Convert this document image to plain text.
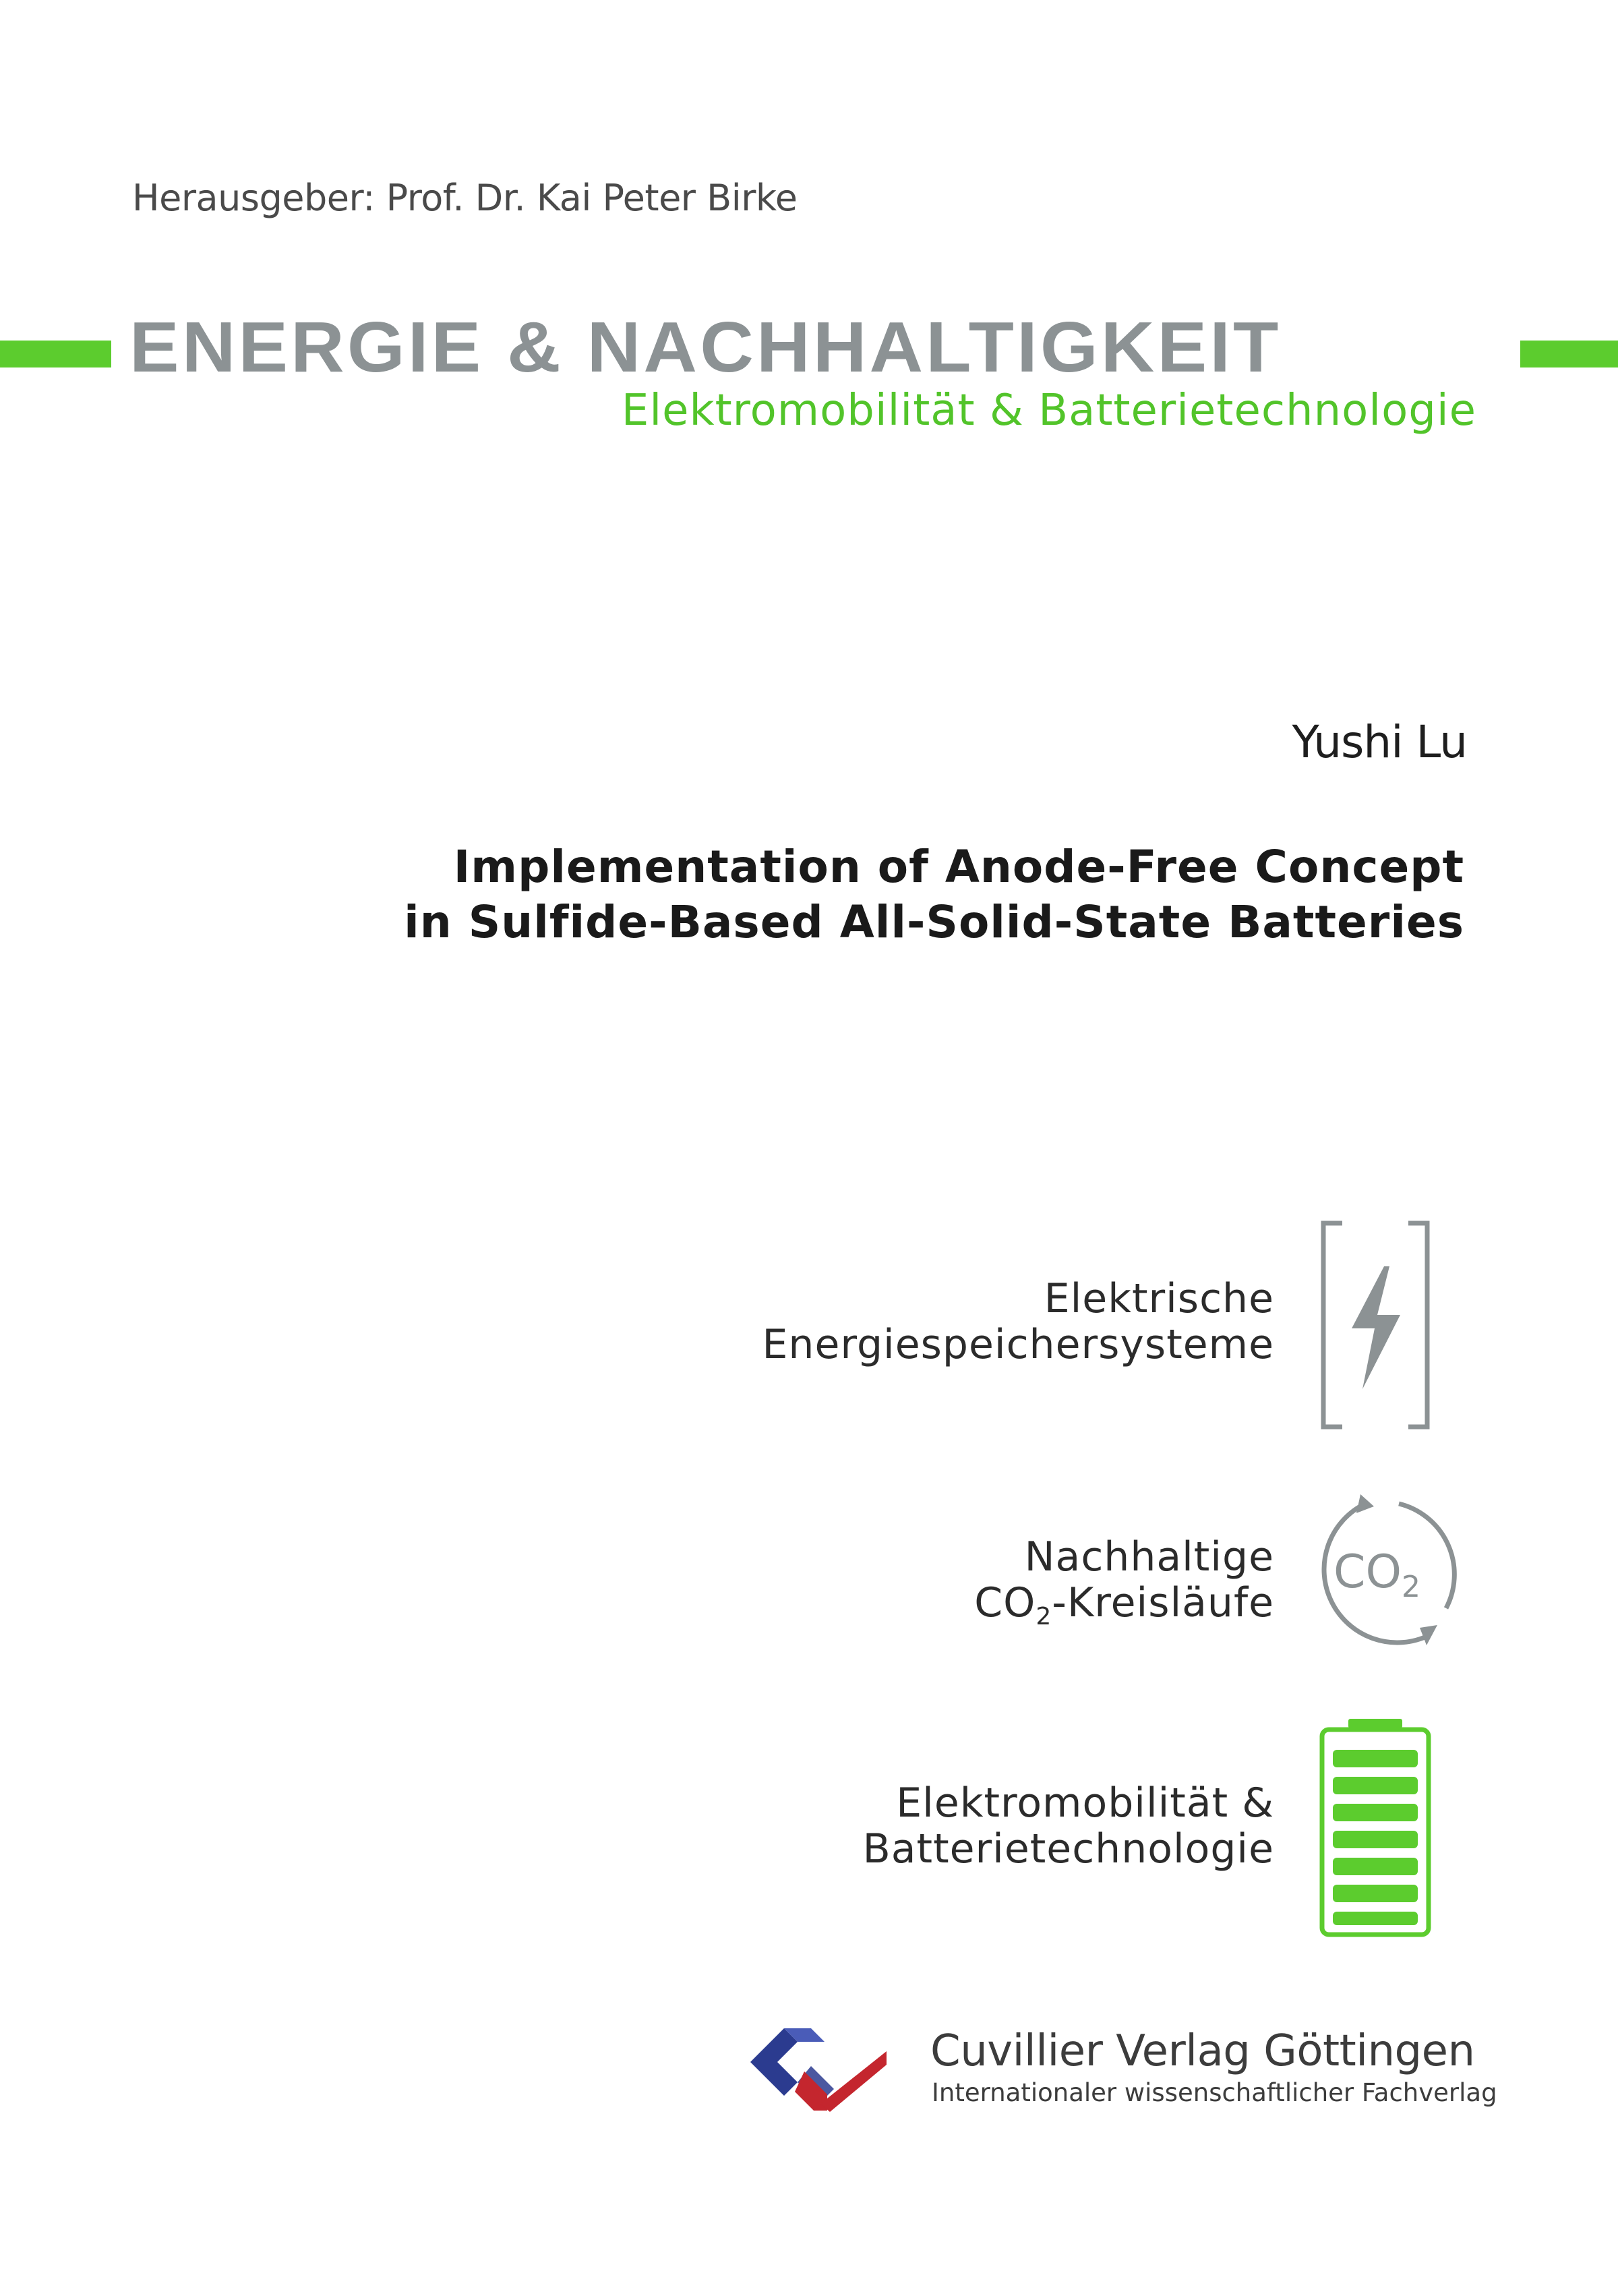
Herausgeber: Prof. Dr. Kai Peter Birke
ENERGIE & NACHHALTIGKEIT
Elektromobilität & Batterietechnologie
Yushi Lu
Implementation of Anode-Free Concept
in Sulfide-Based All-Solid-State Batteries
Elektrische
Energiespeichersysteme
Nachhaltige
$CO_2$-Kreisläufe
$CO_2$
Elektromobilität &
Batterietechnologie
Cuvillier Verlag Göttingen
Internationaler wissenschaftlicher Fachverlag
